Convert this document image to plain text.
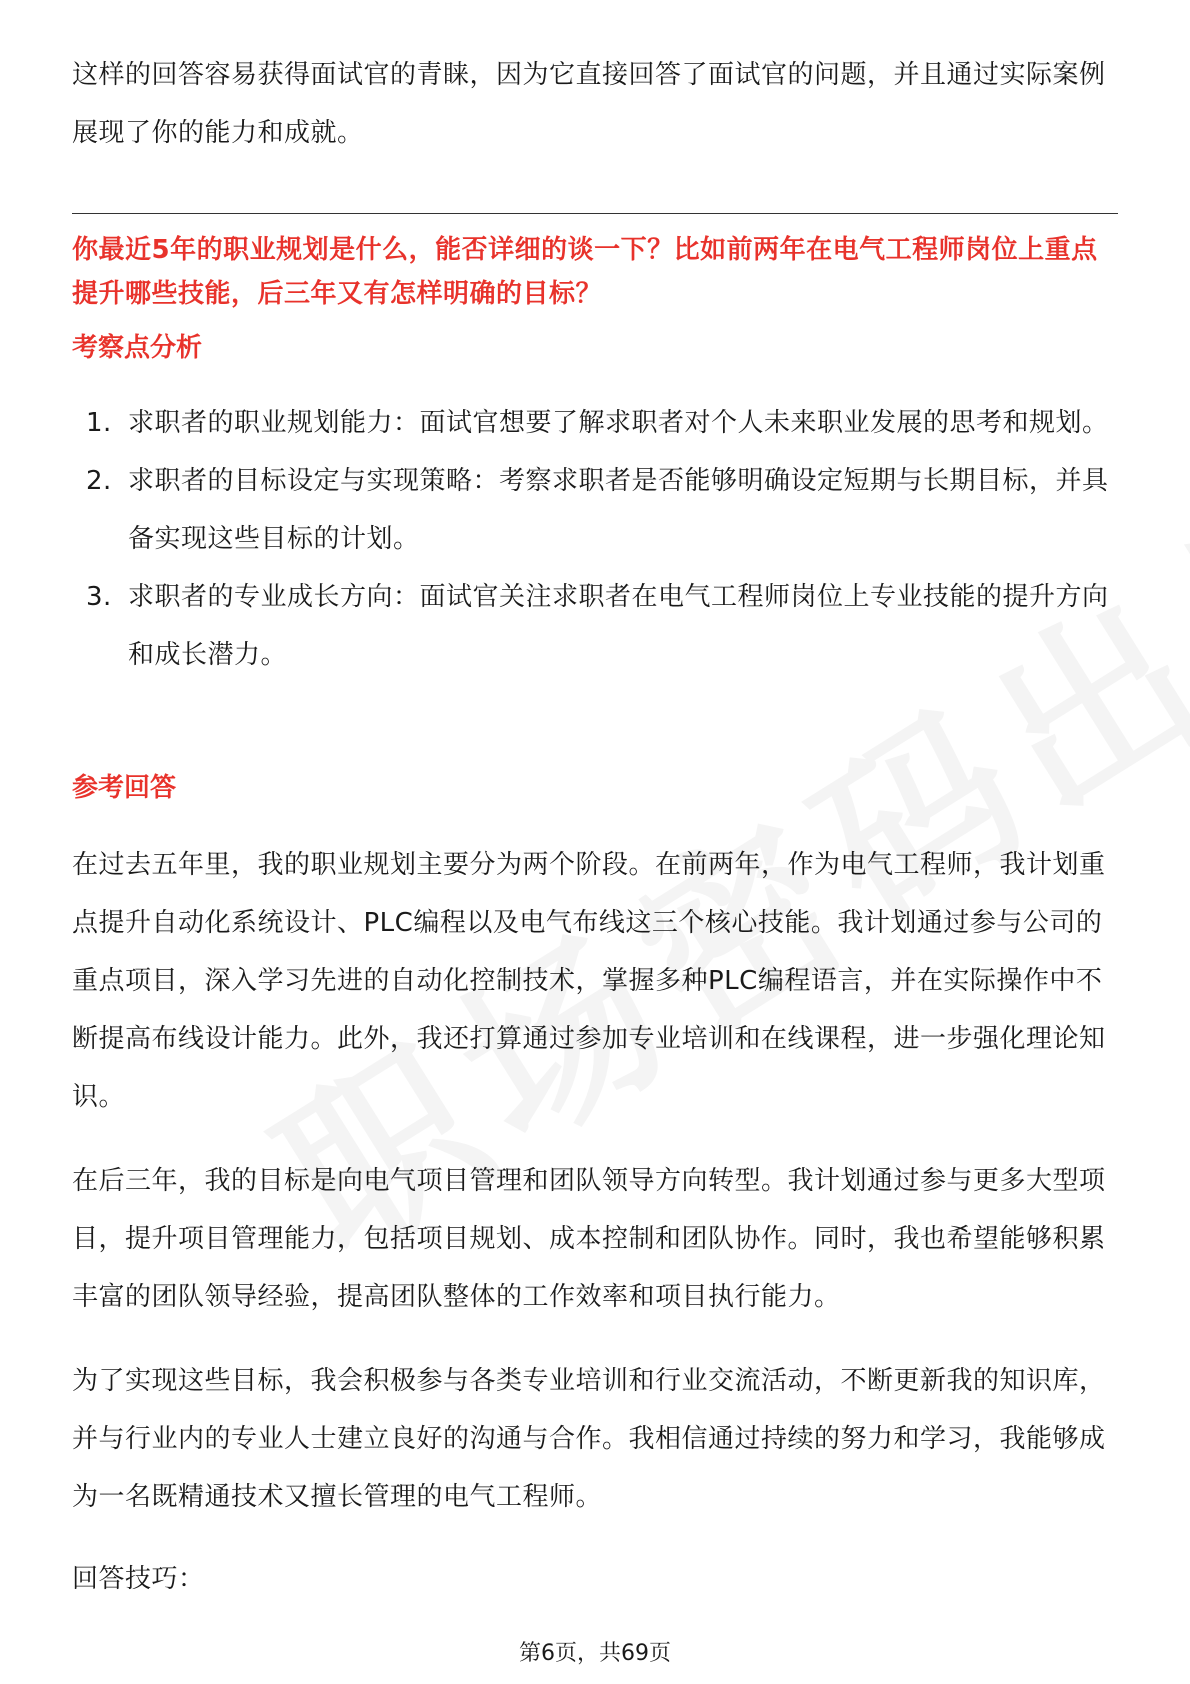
这样的回答容易获得面试官的青睐，因为它直接回答了面试官的问题，并且通过实际案例展现了你的能力和成就。

你最近5年的职业规划是什么，能否详细的谈一下？比如前两年在电气工程师岗位上重点提升哪些技能，后三年又有怎样明确的目标？

考察点分析

1. 求职者的职业规划能力：面试官想要了解求职者对个人未来职业发展的思考和规划。
2. 求职者的目标设定与实现策略：考察求职者是否能够明确设定短期与长期目标，并具备实现这些目标的计划。
3. 求职者的专业成长方向：面试官关注求职者在电气工程师岗位上专业技能的提升方向和成长潜力。

参考回答

在过去五年里，我的职业规划主要分为两个阶段。在前两年，作为电气工程师，我计划重点提升自动化系统设计、PLC编程以及电气布线这三个核心技能。我计划通过参与公司的重点项目，深入学习先进的自动化控制技术，掌握多种PLC编程语言，并在实际操作中不断提高布线设计能力。此外，我还打算通过参加专业培训和在线课程，进一步强化理论知识。

在后三年，我的目标是向电气项目管理和团队领导方向转型。我计划通过参与更多大型项目，提升项目管理能力，包括项目规划、成本控制和团队协作。同时，我也希望能够积累丰富的团队领导经验，提高团队整体的工作效率和项目执行能力。

为了实现这些目标，我会积极参与各类专业培训和行业交流活动，不断更新我的知识库，并与行业内的专业人士建立良好的沟通与合作。我相信通过持续的努力和学习，我能够成为一名既精通技术又擅长管理的电气工程师。

回答技巧：

第6页，共69页
